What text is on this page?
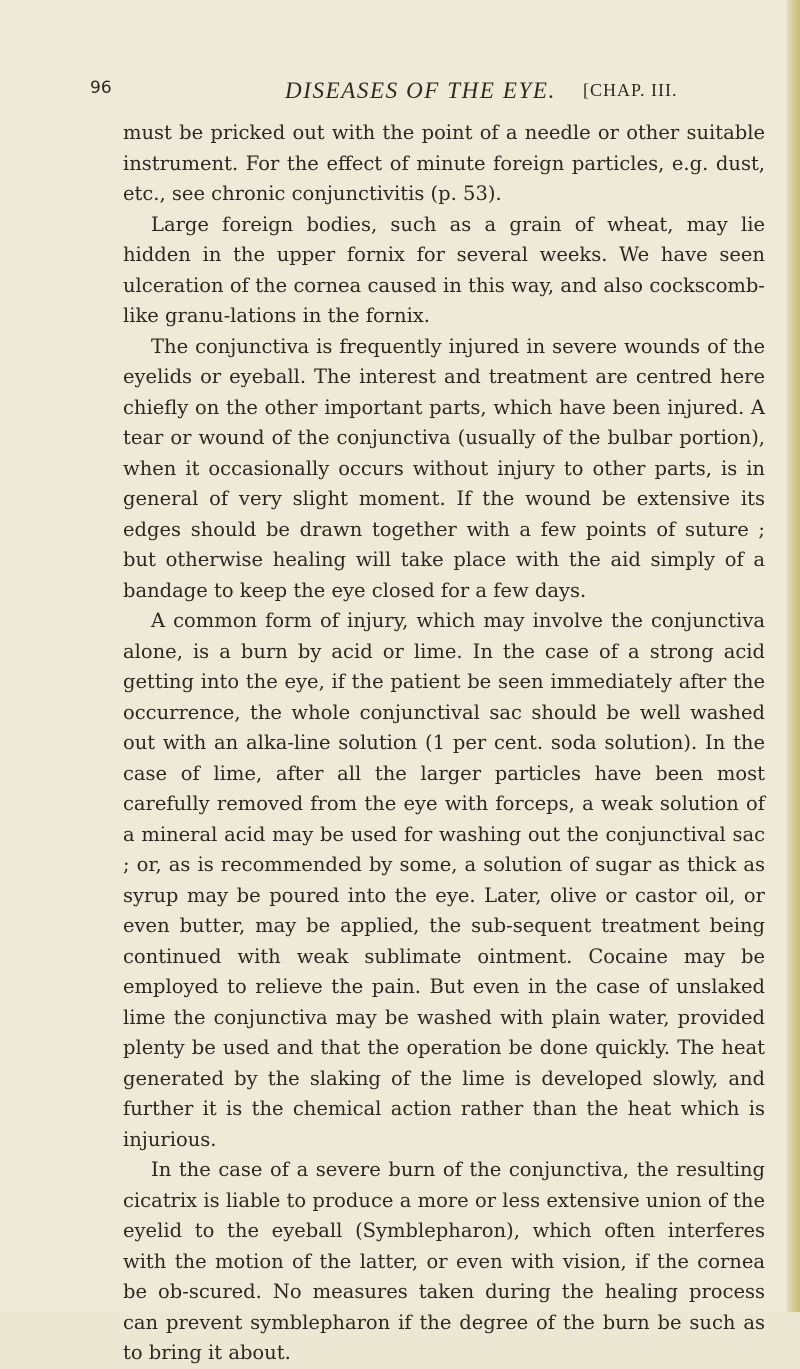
96	DISEASES OF THE EYE. [CHAP. III.

must be pricked out with the point of a needle or other suitable instrument. For the effect of minute foreign particles, e.g. dust, etc., see chronic conjunctivitis (p. 53).

Large foreign bodies, such as a grain of wheat, may lie hidden in the upper fornix for several weeks. We have seen ulceration of the cornea caused in this way, and also cockscomb-like granu-lations in the fornix.

The conjunctiva is frequently injured in severe wounds of the eyelids or eyeball. The interest and treatment are centred here chiefly on the other important parts, which have been injured. A tear or wound of the conjunctiva (usually of the bulbar portion), when it occasionally occurs without injury to other parts, is in general of very slight moment. If the wound be extensive its edges should be drawn together with a few points of suture ; but otherwise healing will take place with the aid simply of a bandage to keep the eye closed for a few days.

A common form of injury, which may involve the conjunctiva alone, is a burn by acid or lime. In the case of a strong acid getting into the eye, if the patient be seen immediately after the occurrence, the whole conjunctival sac should be well washed out with an alka-line solution (1 per cent. soda solution). In the case of lime, after all the larger particles have been most carefully removed from the eye with forceps, a weak solution of a mineral acid may be used for washing out the conjunctival sac ; or, as is recommended by some, a solution of sugar as thick as syrup may be poured into the eye. Later, olive or castor oil, or even butter, may be applied, the sub-sequent treatment being continued with weak sublimate ointment. Cocaine may be employed to relieve the pain. But even in the case of unslaked lime the conjunctiva may be washed with plain water, provided plenty be used and that the operation be done quickly. The heat generated by the slaking of the lime is developed slowly, and further it is the chemical action rather than the heat which is injurious.

In the case of a severe burn of the conjunctiva, the resulting cicatrix is liable to produce a more or less extensive union of the eyelid to the eyeball (Symblepharon), which often interferes with the motion of the latter, or even with vision, if the cornea be ob-scured. No measures taken during the healing process can prevent symblepharon if the degree of the burn be such as to bring it about.
